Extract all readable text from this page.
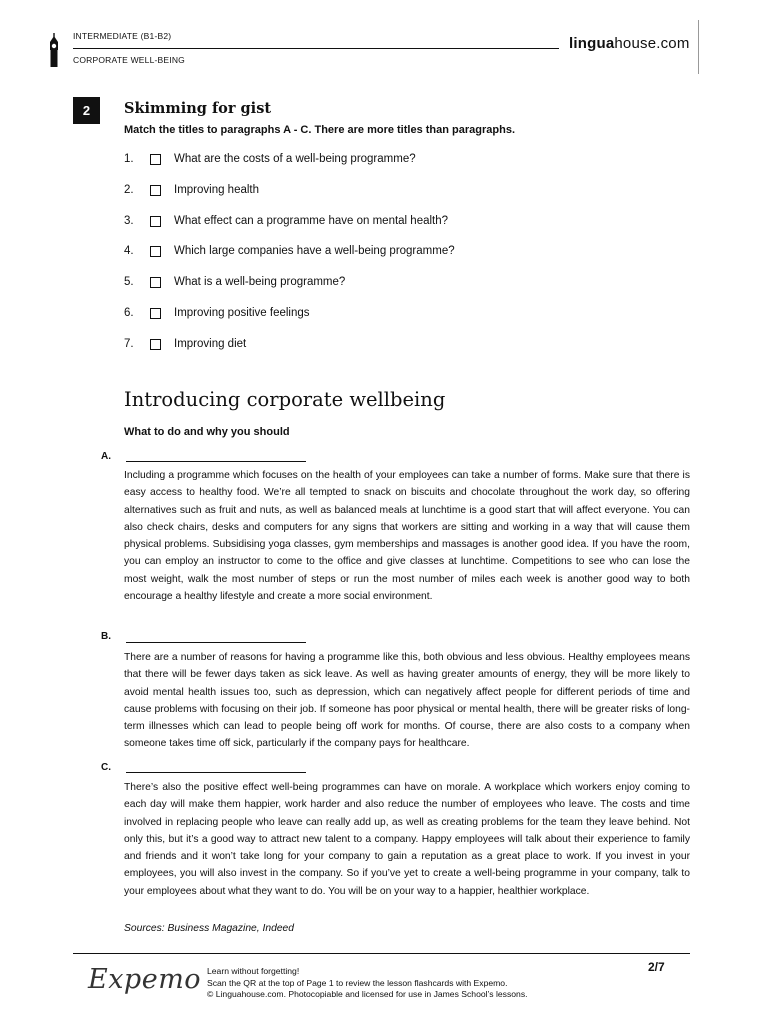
INTERMEDIATE (B1-B2)
CORPORATE WELL-BEING
linguahouse.com
2	Skimming for gist
Match the titles to paragraphs A - C. There are more titles than paragraphs.
1.	What are the costs of a well-being programme?
2.	Improving health
3.	What effect can a programme have on mental health?
4.	Which large companies have a well-being programme?
5.	What is a well-being programme?
6.	Improving positive feelings
7.	Improving diet
Introducing corporate wellbeing
What to do and why you should
A.

Including a programme which focuses on the health of your employees can take a number of forms. Make sure that there is easy access to healthy food. We’re all tempted to snack on biscuits and chocolate throughout the work day, so offering alternatives such as fruit and nuts, as well as balanced meals at lunchtime is a good start that will affect everyone. You can also check chairs, desks and computers for any signs that workers are sitting and working in a way that will cause them physical problems. Subsidising yoga classes, gym memberships and massages is another good idea. If you have the room, you can employ an instructor to come to the office and give classes at lunchtime. Competitions to see who can lose the most weight, walk the most number of steps or run the most number of miles each week is another good way to both encourage a healthy lifestyle and create a more social environment.

B.

There are a number of reasons for having a programme like this, both obvious and less obvious. Healthy employees means that there will be fewer days taken as sick leave. As well as having greater amounts of energy, they will be more likely to avoid mental health issues too, such as depression, which can negatively affect people for different periods of time and cause problems with focusing on their job. If someone has poor physical or mental health, there will be greater risks of long-term illnesses which can lead to people being off work for months. Of course, there are also costs to a company when someone takes time off sick, particularly if the company pays for healthcare.

C.

There’s also the positive effect well-being programmes can have on morale. A workplace which workers enjoy coming to each day will make them happier, work harder and also reduce the number of employees who leave. The costs and time involved in replacing people who leave can really add up, as well as creating problems for the team they leave behind. Not only this, but it’s a good way to attract new talent to a company. Happy employees will talk about their experience to family and friends and it won’t take long for your company to gain a reputation as a great place to work. If you invest in your employees, you will also invest in the company. So if you’ve yet to create a well-being programme in your company, talk to your employees about what they want to do. You will be on your way to a happier, healthier workplace.

Sources: Business Magazine, Indeed
Expemo Learn without forgetting!
Scan the QR at the top of Page 1 to review the lesson flashcards with Expemo.
© Linguahouse.com. Photocopiable and licensed for use in James School’s lessons.
2/7
